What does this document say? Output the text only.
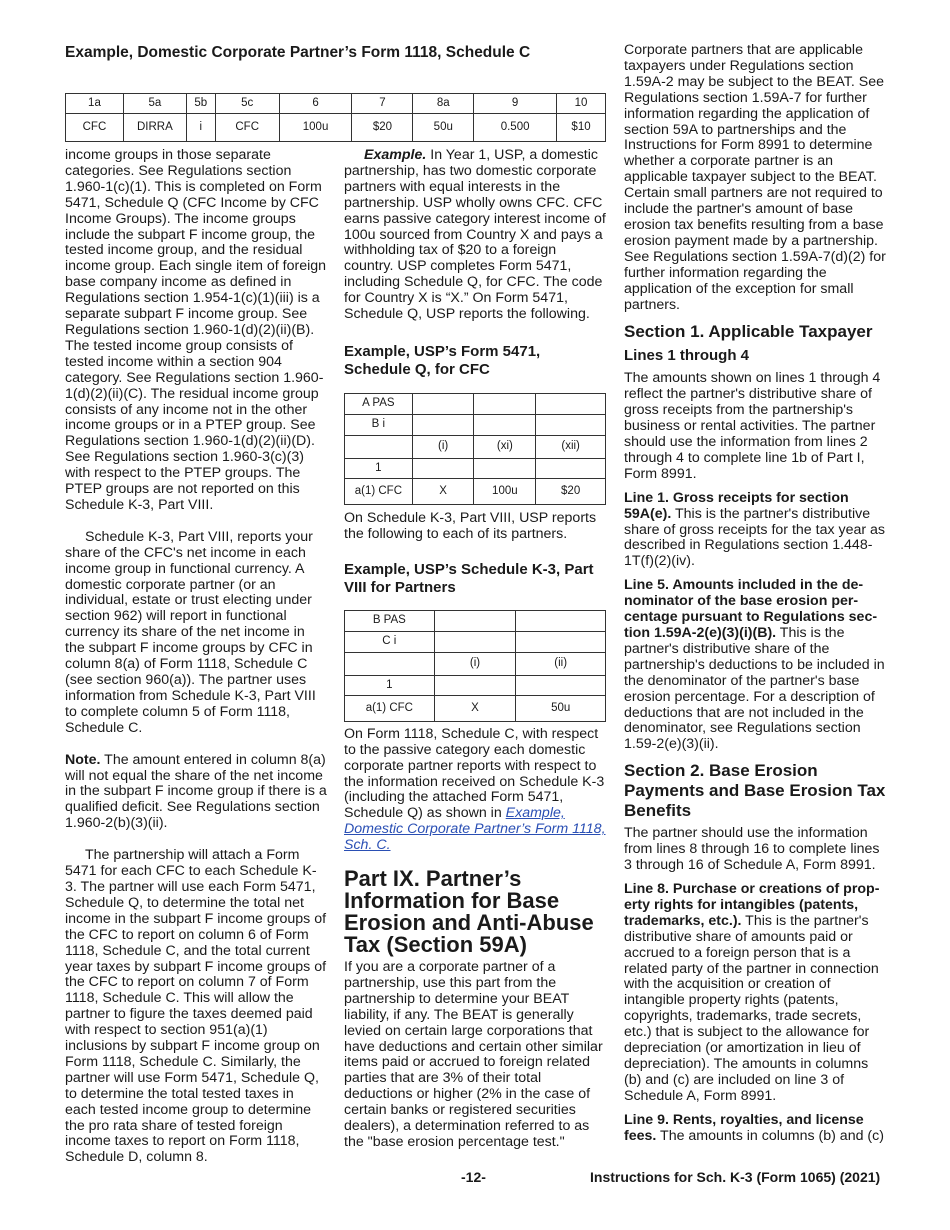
Example, Domestic Corporate Partner’s Form 1118, Schedule C
1a	5a	5b	5c	6	7	8a	9	10
CFC	DIRRA	i	CFC	100u	$20	50u	0.500	$10

income groups in those separate categories. See Regulations section 1.960-1(c)(1). This is completed on Form 5471, Schedule Q (CFC Income by CFC Income Groups). The income groups include the subpart F income group, the tested income group, and the residual income group. Each single item of foreign base company income as defined in Regulations section 1.954-1(c)(1)(iii) is a separate subpart F income group. See Regulations section 1.960-1(d)(2)(ii)(B). The tested income group consists of tested income within a section 904 category. See Regulations section 1.960-1(d)(2)(ii)(C). The residual income group consists of any income not in the other income groups or in a PTEP group. See Regulations section 1.960-1(d)(2)(ii)(D). See Regulations section 1.960-3(c)(3) with respect to the PTEP groups. The PTEP groups are not reported on this Schedule K-3, Part VIII.

Schedule K-3, Part VIII, reports your share of the CFC's net income in each income group in functional currency. A domestic corporate partner (or an individual, estate or trust electing under section 962) will report in functional currency its share of the net income in the subpart F income groups by CFC in column 8(a) of Form 1118, Schedule C (see section 960(a)). The partner uses information from Schedule K-3, Part VIII to complete column 5 of Form 1118, Schedule C.

Note. The amount entered in column 8(a) will not equal the share of the net income in the subpart F income group if there is a qualified deficit. See Regulations section 1.960-2(b)(3)(ii).

The partnership will attach a Form 5471 for each CFC to each Schedule K-3. The partner will use each Form 5471, Schedule Q, to determine the total net income in the subpart F income groups of the CFC to report on column 6 of Form 1118, Schedule C, and the total current year taxes by subpart F income groups of the CFC to report on column 7 of Form 1118, Schedule C. This will allow the partner to figure the taxes deemed paid with respect to section 951(a)(1) inclusions by subpart F income group on Form 1118, Schedule C. Similarly, the partner will use Form 5471, Schedule Q, to determine the total tested taxes in each tested income group to determine the pro rata share of tested foreign income taxes to report on Form 1118, Schedule D, column 8.

Example. In Year 1, USP, a domestic partnership, has two domestic corporate partners with equal interests in the partnership. USP wholly owns CFC. CFC earns passive category interest income of 100u sourced from Country X and pays a withholding tax of $20 to a foreign country. USP completes Form 5471, including Schedule Q, for CFC. The code for Country X is “X.” On Form 5471, Schedule Q, USP reports the following.

Example, USP’s Form 5471, Schedule Q, for CFC
A PAS			
B i			
	(i)	(xi)	(xii)
1			
a(1) CFC	X	100u	$20

On Schedule K-3, Part VIII, USP reports the following to each of its partners.

Example, USP’s Schedule K-3, Part VIII for Partners
B PAS		
C i		
	(i)	(ii)
1		
a(1) CFC	X	50u

On Form 1118, Schedule C, with respect to the passive category each domestic corporate partner reports with respect to the information received on Schedule K-3 (including the attached Form 5471, Schedule Q) as shown in Example, Domestic Corporate Partner’s Form 1118, Sch. C.

Part IX. Partner’s Information for Base Erosion and Anti-Abuse Tax (Section 59A)

If you are a corporate partner of a partnership, use this part from the partnership to determine your BEAT liability, if any. The BEAT is generally levied on certain large corporations that have deductions and certain other similar items paid or accrued to foreign related parties that are 3% of their total deductions or higher (2% in the case of certain banks or registered securities dealers), a determination referred to as the "base erosion percentage test."

Corporate partners that are applicable taxpayers under Regulations section 1.59A-2 may be subject to the BEAT. See Regulations section 1.59A-7 for further information regarding the application of section 59A to partnerships and the Instructions for Form 8991 to determine whether a corporate partner is an applicable taxpayer subject to the BEAT. Certain small partners are not required to include the partner's amount of base erosion tax benefits resulting from a base erosion payment made by a partnership. See Regulations section 1.59A-7(d)(2) for further information regarding the application of the exception for small partners.

Section 1. Applicable Taxpayer
Lines 1 through 4

The amounts shown on lines 1 through 4 reflect the partner's distributive share of gross receipts from the partnership's business or rental activities. The partner should use the information from lines 2 through 4 to complete line 1b of Part I, Form 8991.

Line 1. Gross receipts for section 59A(e). This is the partner's distributive share of gross receipts for the tax year as described in Regulations section 1.448-1T(f)(2)(iv).

Line 5. Amounts included in the denominator of the base erosion percentage pursuant to Regulations section 1.59A-2(e)(3)(i)(B). This is the partner's distributive share of the partnership's deductions to be included in the denominator of the partner's base erosion percentage. For a description of deductions that are not included in the denominator, see Regulations section 1.59-2(e)(3)(ii).

Section 2. Base Erosion Payments and Base Erosion Tax Benefits

The partner should use the information from lines 8 through 16 to complete lines 3 through 16 of Schedule A, Form 8991.

Line 8. Purchase or creations of property rights for intangibles (patents, trademarks, etc.). This is the partner's distributive share of amounts paid or accrued to a foreign person that is a related party of the partner in connection with the acquisition or creation of intangible property rights (patents, copyrights, trademarks, trade secrets, etc.) that is subject to the allowance for depreciation (or amortization in lieu of depreciation). The amounts in columns (b) and (c) are included on line 3 of Schedule A, Form 8991.

Line 9. Rents, royalties, and license fees. The amounts in columns (b) and (c)

-12-	Instructions for Sch. K-3 (Form 1065) (2021)
